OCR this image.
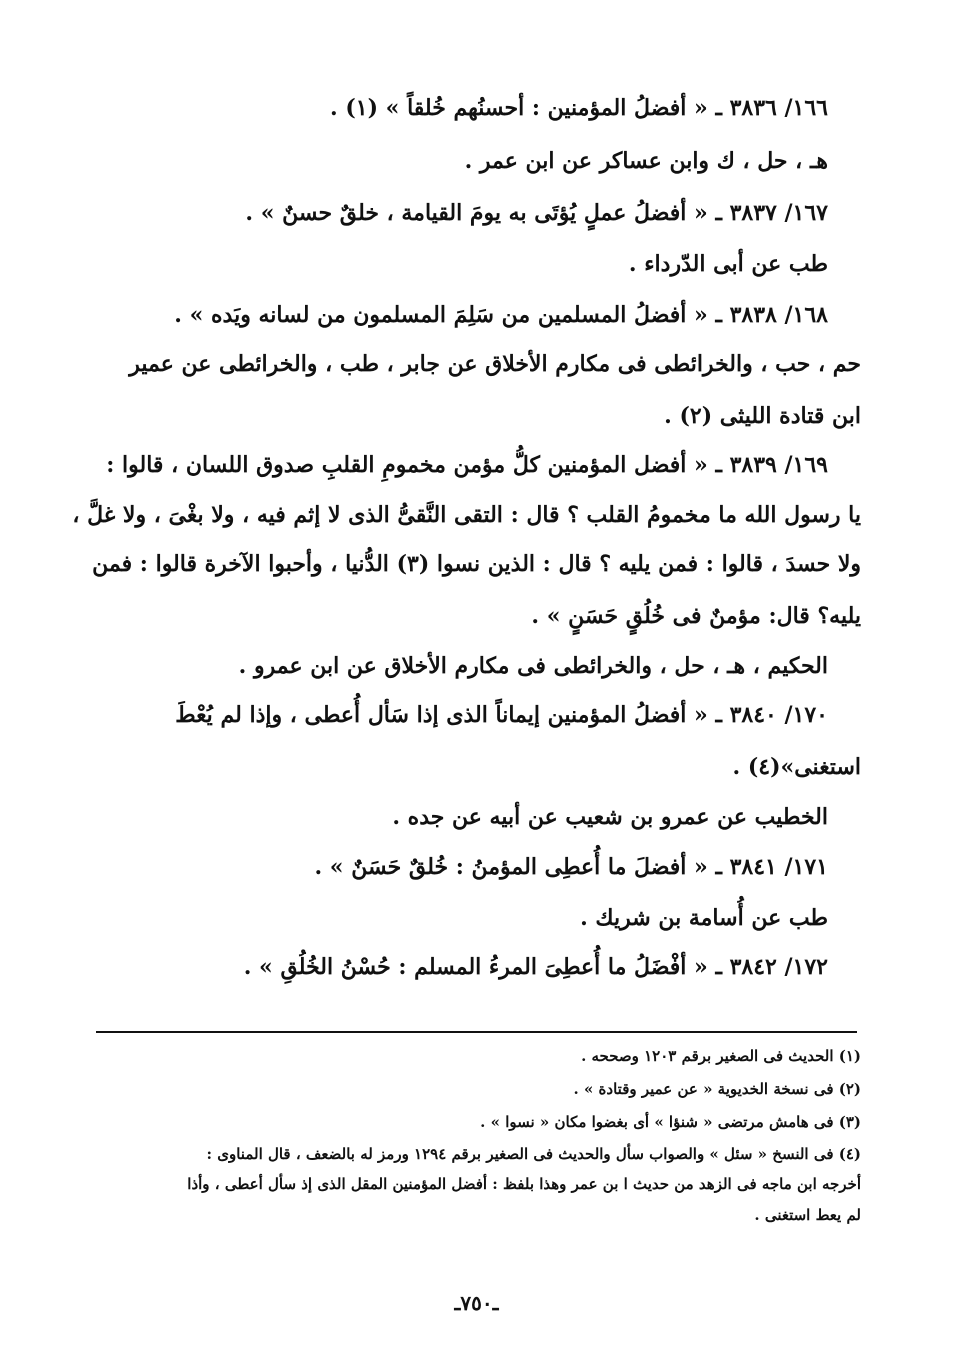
١٦٦/ ٣٨٣٦ ـ « أفضلُ المؤمنين : أحسنُهم خُلقاً » (١) .
هـ ، حل ، ك وابن عساكر عن ابن عمر .
١٦٧/ ٣٨٣٧ ـ « أفضلُ عملٍ يُؤتَى به يومَ القيامة ، خلقٌ حسنٌ » .
طب عن أبى الدّرداء .
١٦٨/ ٣٨٣٨ ـ « أفضلُ المسلمين من سَلِمَ المسلمون من لسانه ويَده » .
حم ، حب ، والخرائطى فى مكارم الأخلاق عن جابر ، طب ، والخرائطى عن عمير
ابن قتادة الليثى (٢) .
١٦٩/ ٣٨٣٩ ـ « أفضل المؤمنين كلُّ مؤمن مخمومِ القلبِ صدوق اللسان ، قالوا :
يا رسول الله ما مخمومُ القلب ؟ قال : التقى النَّقىُّ الذى لا إثم فيه ، ولا بغْىَ ، ولا غلَّ ،
ولا حسدَ ، قالوا : فمن يليه ؟ قال : الذين نسوا (٣) الدُّنيا ، وأحبوا الآخرة قالوا : فمن
يليه؟ قال: مؤمنٌ فى خُلُقٍ حَسَنٍ » .
الحكيم ، هـ ، حل ، والخرائطى فى مكارم الأخلاق عن ابن عمرو .
١٧٠/ ٣٨٤٠ ـ « أفضلُ المؤمنين إيماناً الذى إذا سَأل أُعطى ، وإذا لم يُعْطَ
استغنى»(٤) .
الخطيب عن عمرو بن شعيب عن أبيه عن جده .
١٧١/ ٣٨٤١ ـ « أفضلَ ما أُعطِى المؤمنُ : خُلقٌ حَسَنٌ » .
طب عن أُسامة بن شريك .
١٧٢/ ٣٨٤٢ ـ « أفْضَلُ ما أُعطِىَ المرءُ المسلم : حُسْنُ الخُلُقِ » .
(١) الحديث فى الصغير برقم ١٢٠٣ وصححه .
(٢) فى نسخة الخديوية « عن عمير وقتادة » .
(٣) فى هامش مرتضى « شنؤا » أى بغضوا مكان « نسوا » .
(٤) فى النسخ « سئل » والصواب سأل والحديث فى الصغير برقم ١٢٩٤ ورمز له بالضعف ، قال المناوى :
أخرجه ابن ماجه فى الزهد من حديث ا بن عمر وهذا بلفظ : أفضل المؤمنين المقل الذى إذ سأل أعطى ، وأذا
لم يعط استغنى .
ـ٧٥٠ـ
